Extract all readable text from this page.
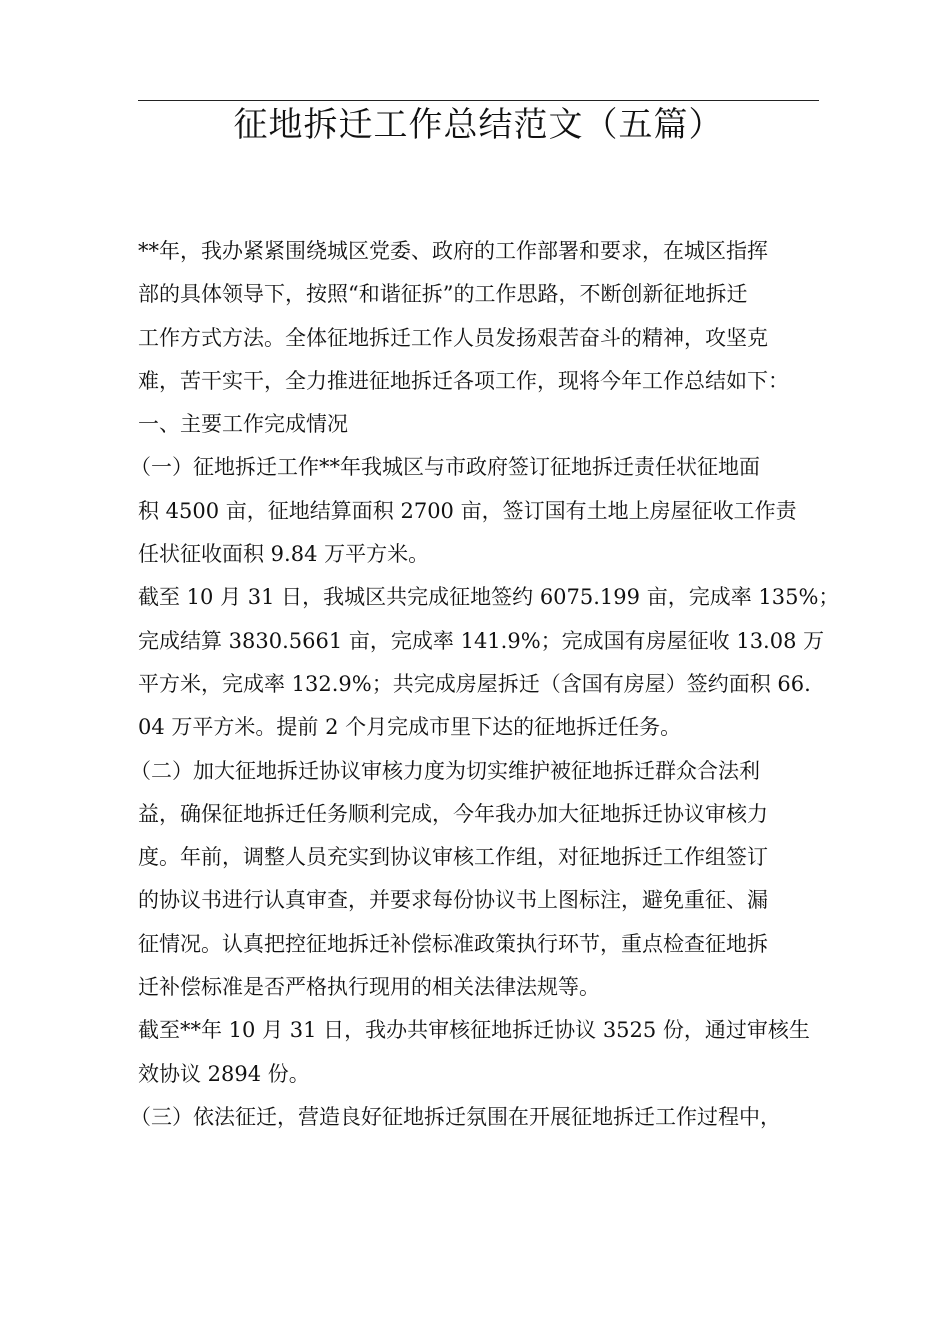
征地拆迁工作总结范文（五篇）
**年，我办紧紧围绕城区党委、政府的工作部署和要求，在城区指挥
部的具体领导下，按照“和谐征拆”的工作思路，不断创新征地拆迁
工作方式方法。全体征地拆迁工作人员发扬艰苦奋斗的精神，攻坚克
难，苦干实干，全力推进征地拆迁各项工作，现将今年工作总结如下：
一、主要工作完成情况
（一）征地拆迁工作**年我城区与市政府签订征地拆迁责任状征地面
积 4500 亩，征地结算面积 2700 亩，签订国有土地上房屋征收工作责
任状征收面积 9.84 万平方米。
截至 10 月 31 日，我城区共完成征地签约 6075.199 亩，完成率 135%；
完成结算 3830.5661 亩，完成率 141.9%；完成国有房屋征收 13.08 万
平方米，完成率 132.9%；共完成房屋拆迁（含国有房屋）签约面积 66.
04 万平方米。提前 2 个月完成市里下达的征地拆迁任务。
（二）加大征地拆迁协议审核力度为切实维护被征地拆迁群众合法利
益，确保征地拆迁任务顺利完成，今年我办加大征地拆迁协议审核力
度。年前，调整人员充实到协议审核工作组，对征地拆迁工作组签订
的协议书进行认真审查，并要求每份协议书上图标注，避免重征、漏
征情况。认真把控征地拆迁补偿标准政策执行环节，重点检查征地拆
迁补偿标准是否严格执行现用的相关法律法规等。
截至**年 10 月 31 日，我办共审核征地拆迁协议 3525 份，通过审核生
效协议 2894 份。
（三）依法征迁，营造良好征地拆迁氛围在开展征地拆迁工作过程中，
